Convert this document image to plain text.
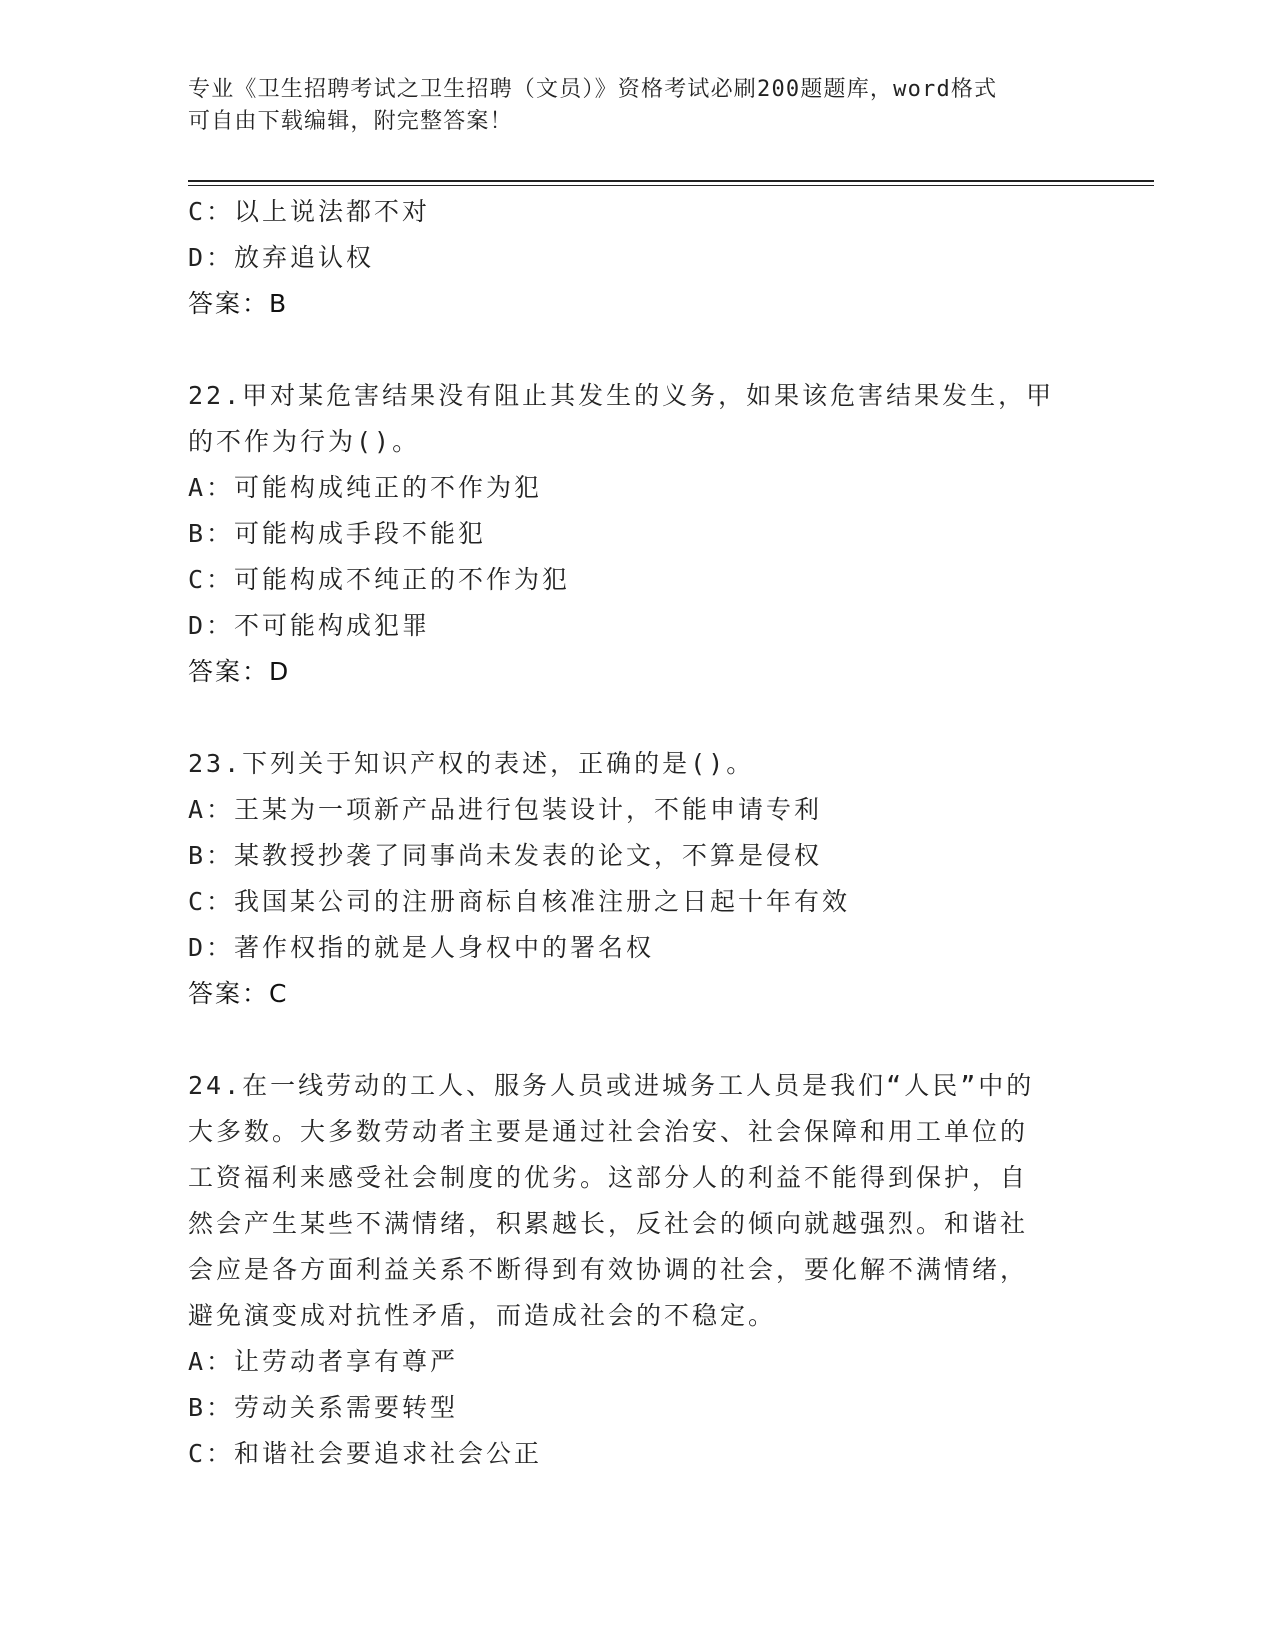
专业《卫生招聘考试之卫生招聘（文员）》资格考试必刷200题题库，word格式
可自由下载编辑，附完整答案！
C：以上说法都不对
D：放弃追认权
答案：B
22.甲对某危害结果没有阻止其发生的义务，如果该危害结果发生，甲
的不作为行为()。
A：可能构成纯正的不作为犯
B：可能构成手段不能犯
C：可能构成不纯正的不作为犯
D：不可能构成犯罪
答案：D
23.下列关于知识产权的表述，正确的是()。
A：王某为一项新产品进行包装设计，不能申请专利
B：某教授抄袭了同事尚未发表的论文，不算是侵权
C：我国某公司的注册商标自核准注册之日起十年有效
D：著作权指的就是人身权中的署名权
答案：C
24.在一线劳动的工人、服务人员或进城务工人员是我们“人民”中的
大多数。大多数劳动者主要是通过社会治安、社会保障和用工单位的
工资福利来感受社会制度的优劣。这部分人的利益不能得到保护，自
然会产生某些不满情绪，积累越长，反社会的倾向就越强烈。和谐社
会应是各方面利益关系不断得到有效协调的社会，要化解不满情绪，
避免演变成对抗性矛盾，而造成社会的不稳定。
A：让劳动者享有尊严
B：劳动关系需要转型
C：和谐社会要追求社会公正
